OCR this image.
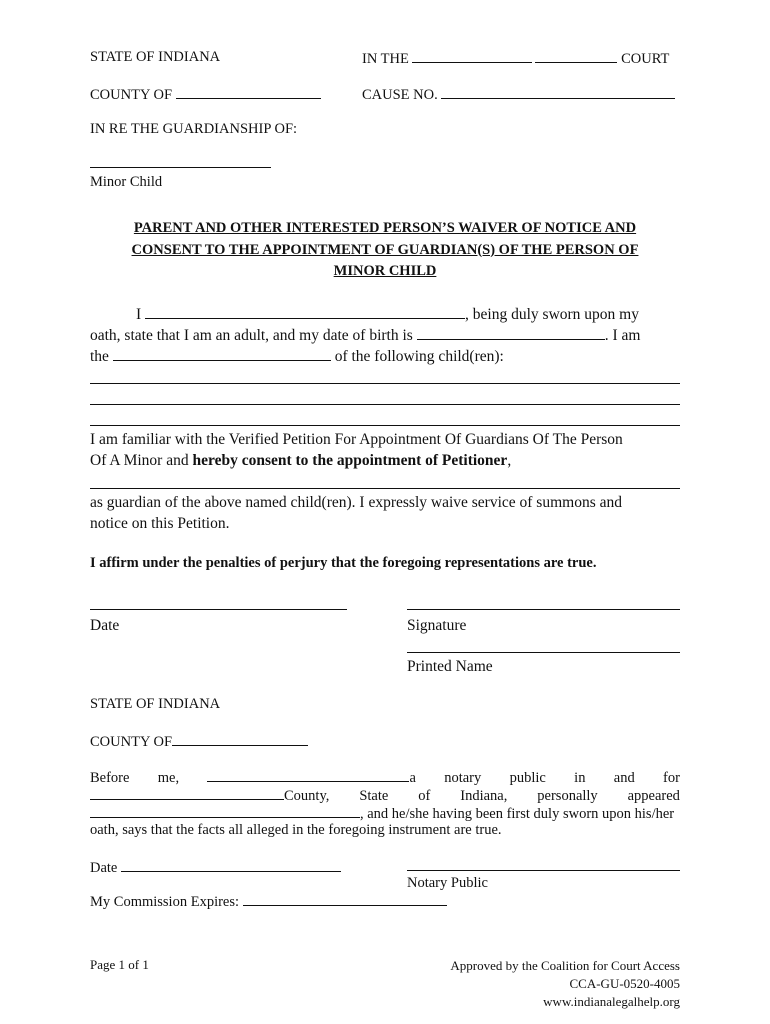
STATE OF INDIANA	IN THE	COURT
COUNTY OF	CAUSE NO.
IN RE THE GUARDIANSHIP OF:
Minor Child
PARENT AND OTHER INTERESTED PERSON’S WAIVER OF NOTICE AND
CONSENT TO THE APPOINTMENT OF GUARDIAN(S) OF THE PERSON OF
MINOR CHILD
I	, being duly sworn upon my
oath, state that I am an adult, and my date of birth is	. I am
the	of the following child(ren):
I am familiar with the Verified Petition For Appointment Of Guardians Of The Person
Of A Minor and hereby consent to the appointment of Petitioner,
as guardian of the above named child(ren). I expressly waive service of summons and
notice on this Petition.
I affirm under the penalties of perjury that the foregoing representations are true.
Date	Signature
Printed Name
STATE OF INDIANA
COUNTY OF
Before me,	a notary public in and for
County, State of Indiana, personally appeared
, and he/she having been first duly sworn upon his/her
oath, says that the facts all alleged in the foregoing instrument are true.
Date
Notary Public
My Commission Expires:
Page 1 of 1	Approved by the Coalition for Court Access
CCA-GU-0520-4005
www.indianalegalhelp.org
